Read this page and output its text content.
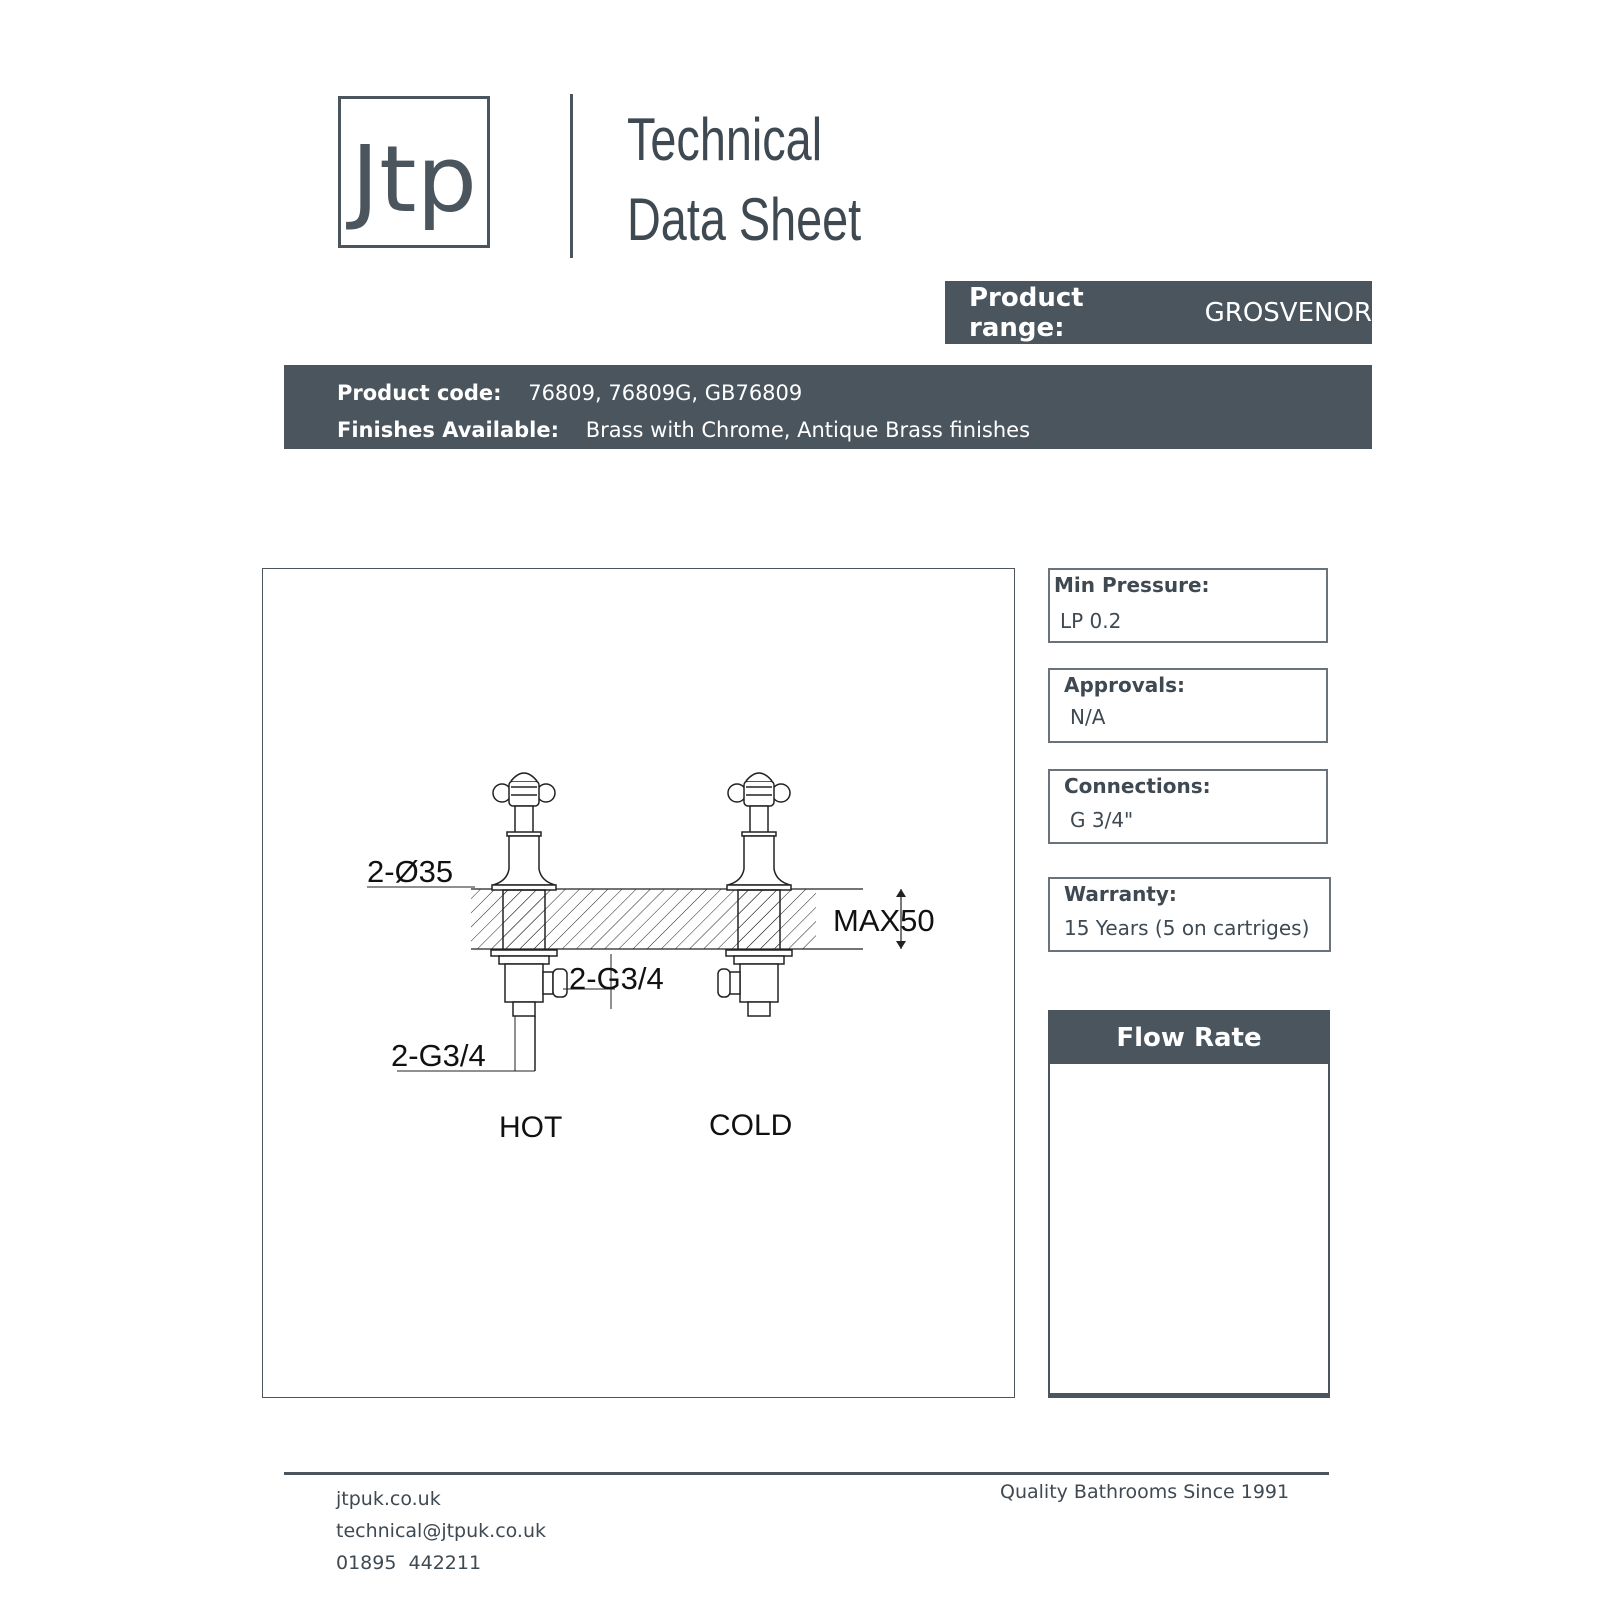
Jtp	Technical
Data Sheet
Product range:	GROSVENOR
Product code: 76809, 76809G, GB76809
Finishes Available: Brass with Chrome, Antique Brass finishes
2-Ø35
MAX50
2-G3/4
2-G3/4
HOT	COLD
Min Pressure:
LP 0.2
Approvals:
N/A
Connections:
G 3/4"
Warranty:
15 Years (5 on cartriges)
Flow Rate
jtpuk.co.uk
technical@jtpuk.co.uk
01895  442211
Quality Bathrooms Since 1991
